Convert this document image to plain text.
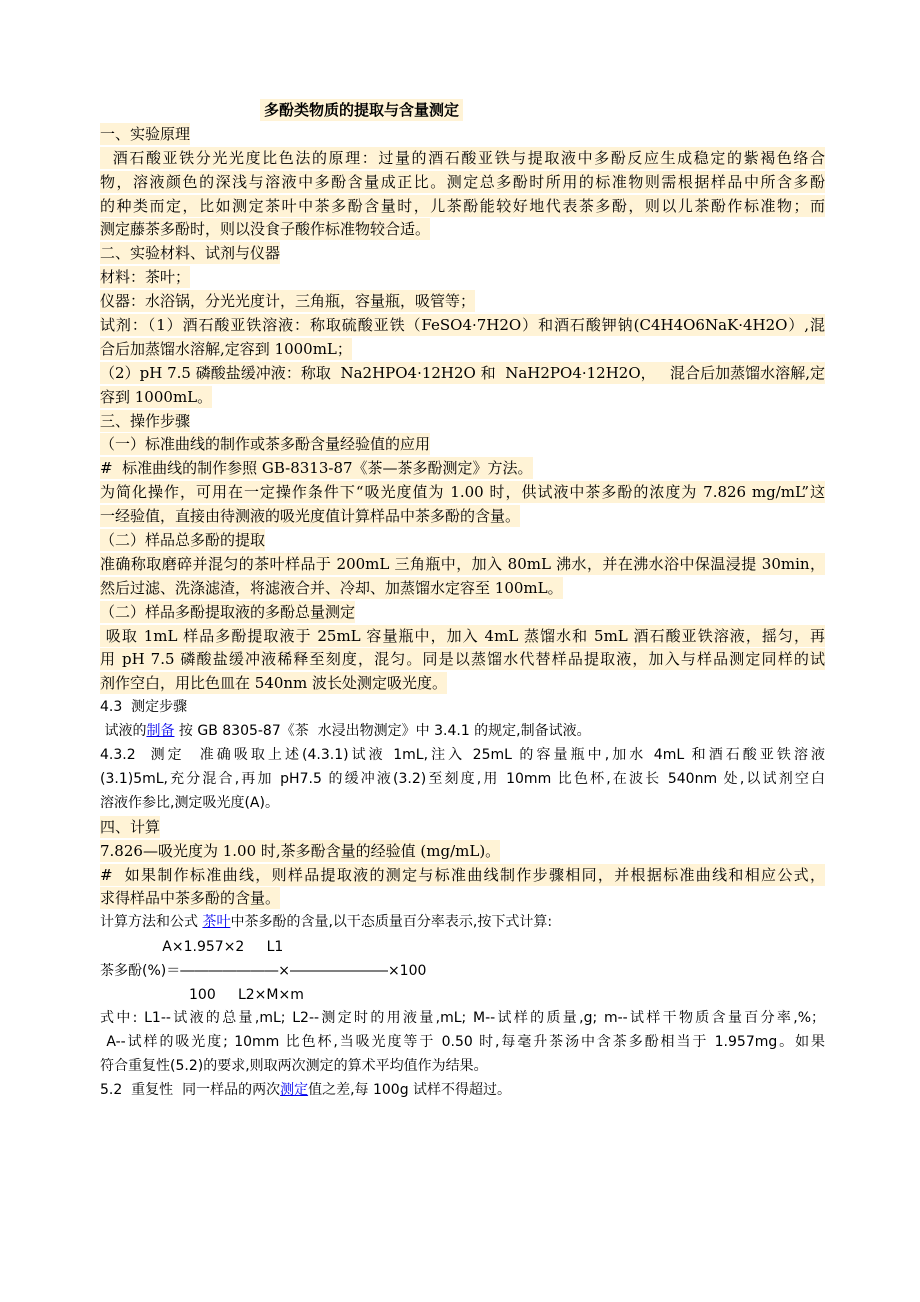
多酚类物质的提取与含量测定
一、实验原理
酒石酸亚铁分光光度比色法的原理：过量的酒石酸亚铁与提取液中多酚反应生成稳定的紫褐色络合
物，溶液颜色的深浅与溶液中多酚含量成正比。测定总多酚时所用的标准物则需根据样品中所含多酚
的种类而定，比如测定茶叶中茶多酚含量时，儿茶酚能较好地代表茶多酚，则以儿茶酚作标准物；而
测定藤茶多酚时，则以没食子酸作标准物较合适。
二、实验材料、试剂与仪器
材料：茶叶；
仪器：水浴锅，分光光度计，三角瓶，容量瓶，吸管等；
试剂：（1）酒石酸亚铁溶液：称取硫酸亚铁（FeSO4·7H2O）和酒石酸钾钠(C4H4O6NaK·4H2O）,混
合后加蒸馏水溶解,定容到 1000mL；
（2）pH 7.5 磷酸盐缓冲液：称取  Na2HPO4·12H2O 和  NaH2PO4·12H2O，   混合后加蒸馏水溶解,定
容到 1000mL。
三、操作步骤
（一）标准曲线的制作或茶多酚含量经验值的应用
#  标准曲线的制作参照 GB-8313-87《茶—茶多酚测定》方法。
为简化操作，可用在一定操作条件下“吸光度值为 1.00 时，供试液中茶多酚的浓度为 7.826 mg/mL”这
一经验值，直接由待测液的吸光度值计算样品中茶多酚的含量。
（二）样品总多酚的提取
准确称取磨碎并混匀的茶叶样品于 200mL 三角瓶中，加入 80mL 沸水，并在沸水浴中保温浸提 30min，
然后过滤、洗涤滤渣，将滤液合并、冷却、加蒸馏水定容至 100mL。
（二）样品多酚提取液的多酚总量测定
吸取 1mL 样品多酚提取液于 25mL 容量瓶中，加入 4mL 蒸馏水和 5mL 酒石酸亚铁溶液，摇匀，再
用 pH 7.5 磷酸盐缓冲液稀释至刻度，混匀。同是以蒸馏水代替样品提取液，加入与样品测定同样的试
剂作空白，用比色皿在 540nm 波长处测定吸光度。
4.3  测定步骤
试液的制备 按 GB 8305-87《茶  水浸出物测定》中 3.4.1 的规定,制备试液。
4.3.2  测定  准确吸取上述(4.3.1)试液 1mL,注入 25mL 的容量瓶中,加水 4mL 和酒石酸亚铁溶液
(3.1)5mL,充分混合,再加 pH7.5 的缓冲液(3.2)至刻度,用 10mm 比色杯,在波长 540nm 处,以试剂空白
溶液作参比,测定吸光度(A)。
四、计算
7.826—吸光度为 1.00 时,茶多酚含量的经验值 (mg/mL)。
#  如果制作标准曲线，则样品提取液的测定与标准曲线制作步骤相同，并根据标准曲线和相应公式，
求得样品中茶多酚的含量。
计算方法和公式 茶叶中茶多酚的含量,以干态质量百分率表示,按下式计算:
A×1.957×2     L1
茶多酚(%)＝―――――――×―――――――×100
100     L2×M×m
式中: L1--试液的总量,mL; L2--测定时的用液量,mL; M--试样的质量,g; m--试样干物质含量百分率,%；
A--试样的吸光度; 10mm 比色杯,当吸光度等于 0.50 时,每毫升茶汤中含茶多酚相当于 1.957mg。如果
符合重复性(5.2)的要求,则取两次测定的算术平均值作为结果。
5.2  重复性  同一样品的两次测定值之差,每 100g 试样不得超过。
